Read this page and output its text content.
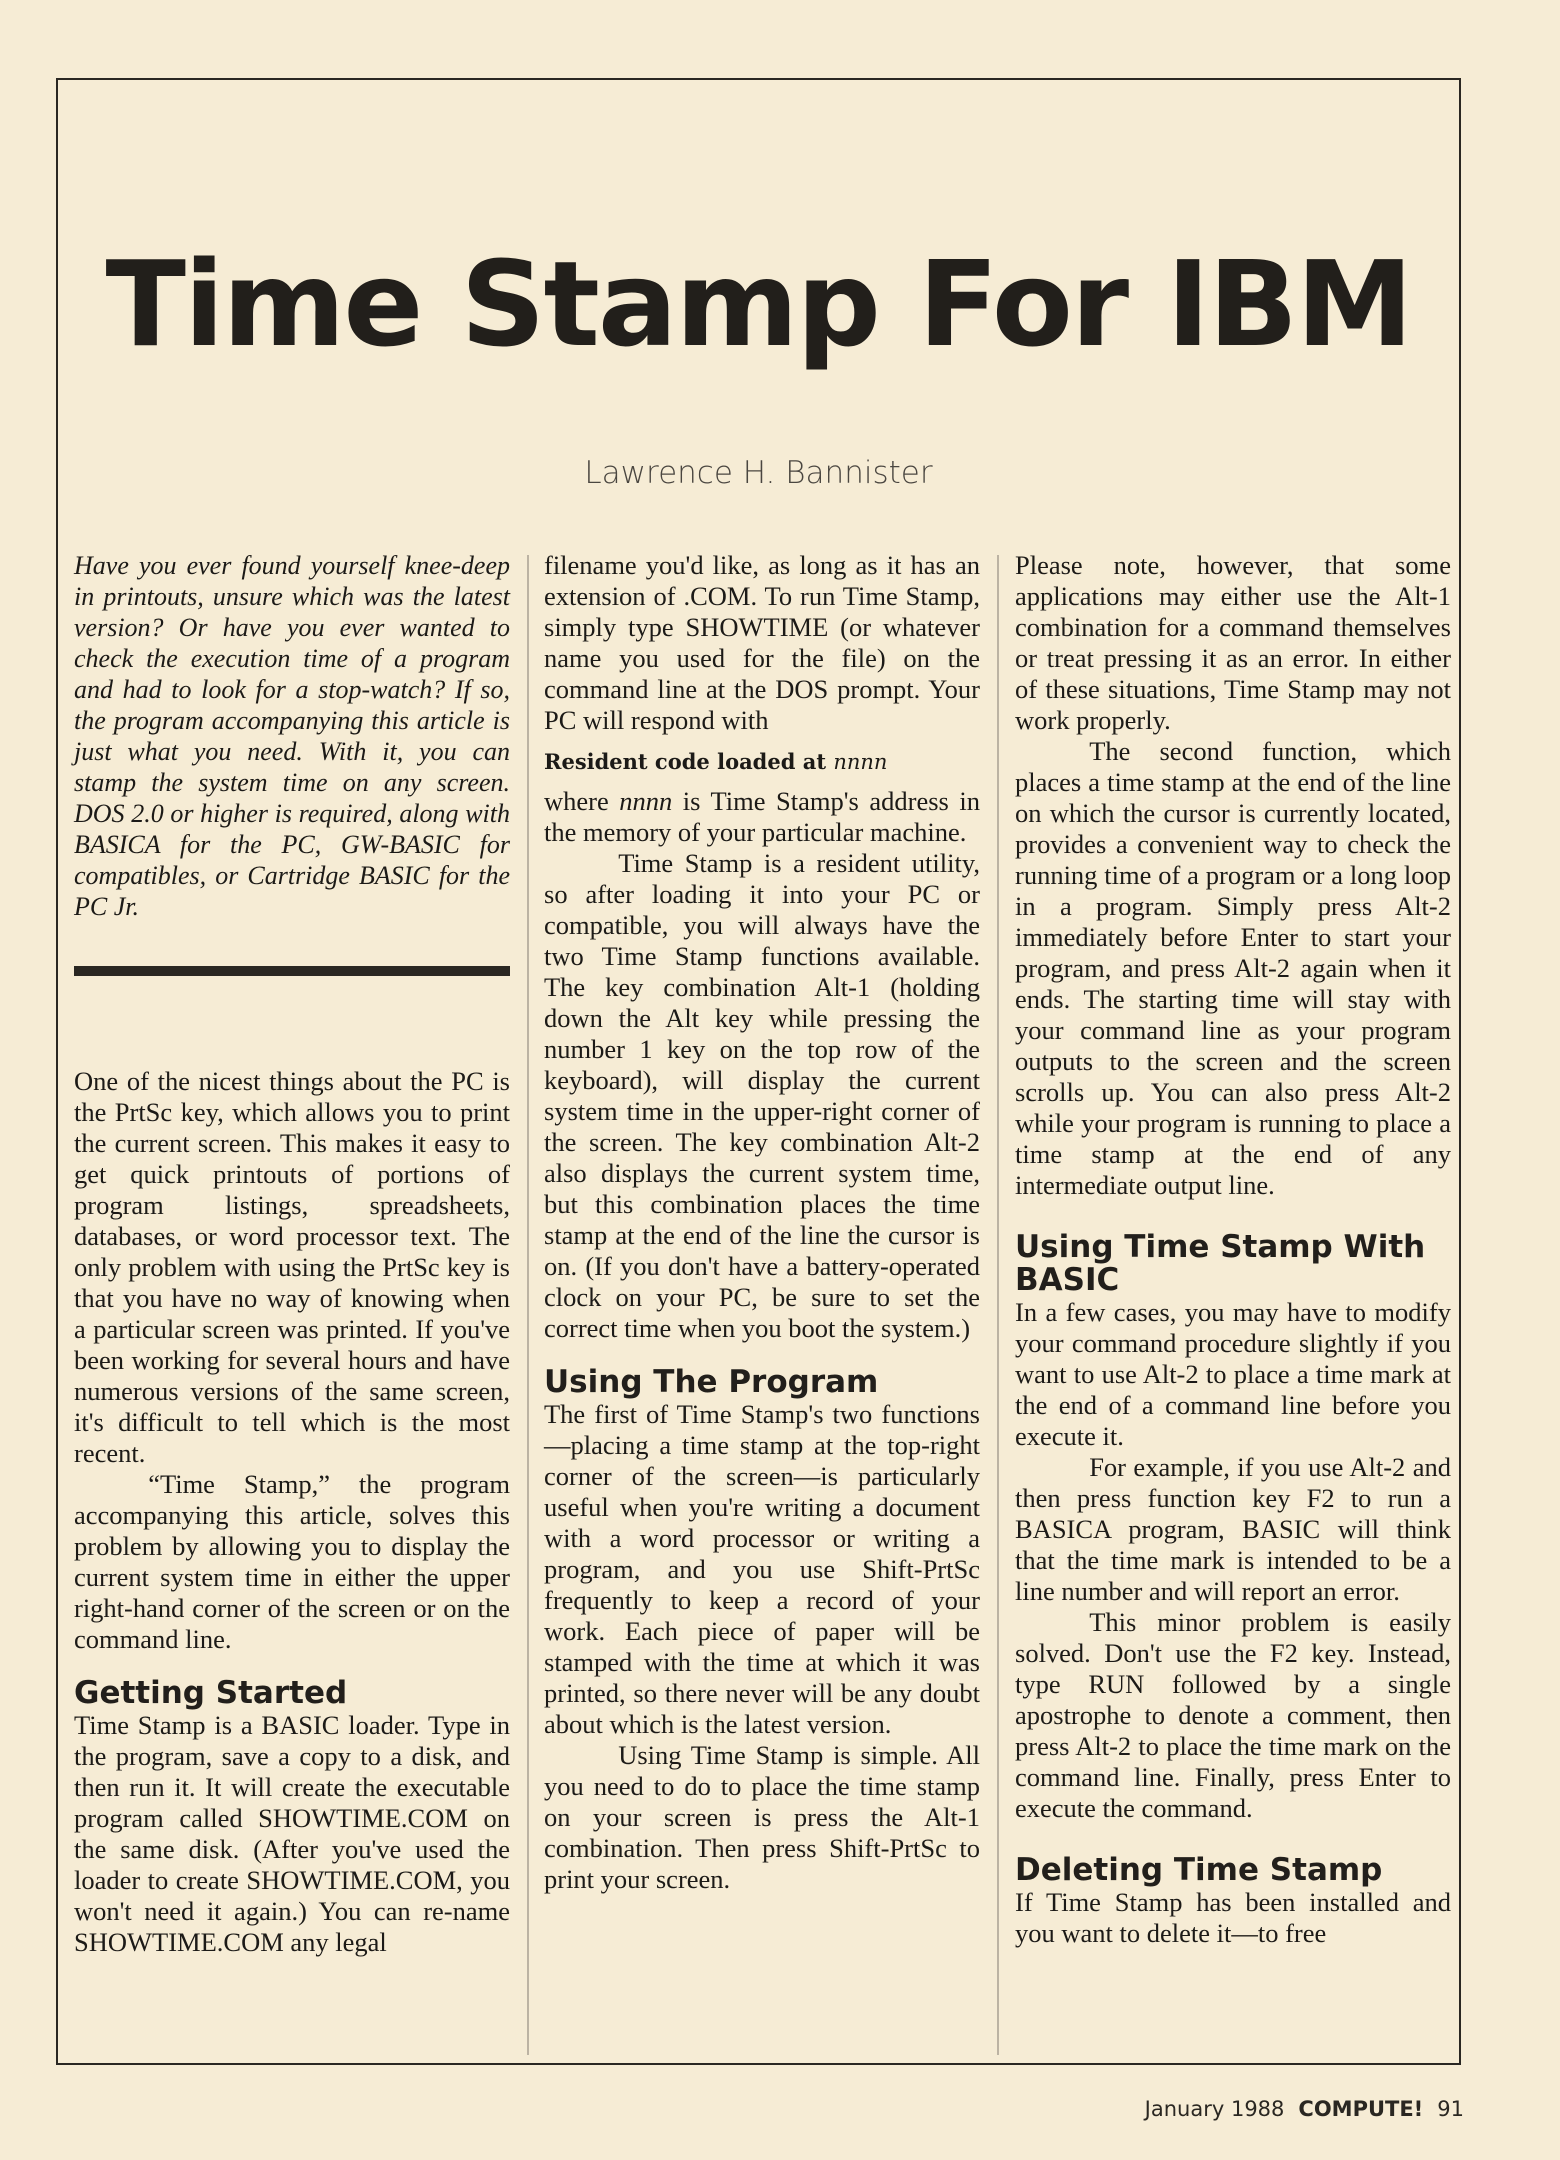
Time Stamp For IBM
Lawrence H. Bannister

Have you ever found yourself knee-deep in printouts, unsure which was the latest version? Or have you ever wanted to check the execution time of a program and had to look for a stop-watch? If so, the program accompanying this article is just what you need. With it, you can stamp the system time on any screen. DOS 2.0 or higher is required, along with BASICA for the PC, GW-BASIC for compatibles, or Cartridge BASIC for the PC Jr.

One of the nicest things about the PC is the PrtSc key, which allows you to print the current screen. This makes it easy to get quick printouts of portions of program listings, spreadsheets, databases, or word processor text. The only problem with using the PrtSc key is that you have no way of knowing when a particular screen was printed. If you've been working for several hours and have numerous versions of the same screen, it's difficult to tell which is the most recent.

“Time Stamp,” the program accompanying this article, solves this problem by allowing you to display the current system time in either the upper right-hand corner of the screen or on the command line.

Getting Started

Time Stamp is a BASIC loader. Type in the program, save a copy to a disk, and then run it. It will create the executable program called SHOWTIME.COM on the same disk. (After you've used the loader to create SHOWTIME.COM, you won't need it again.) You can re-name SHOWTIME.COM any legal

filename you'd like, as long as it has an extension of .COM. To run Time Stamp, simply type SHOWTIME (or whatever name you used for the file) on the command line at the DOS prompt. Your PC will respond with

Resident code loaded at nnnn

where nnnn is Time Stamp's address in the memory of your particular machine.

Time Stamp is a resident utility, so after loading it into your PC or compatible, you will always have the two Time Stamp functions available. The key combination Alt-1 (holding down the Alt key while pressing the number 1 key on the top row of the keyboard), will display the current system time in the upper-right corner of the screen. The key combination Alt-2 also displays the current system time, but this combination places the time stamp at the end of the line the cursor is on. (If you don't have a battery-operated clock on your PC, be sure to set the correct time when you boot the system.)

Using The Program

The first of Time Stamp's two functions—placing a time stamp at the top-right corner of the screen—is particularly useful when you're writing a document with a word processor or writing a program, and you use Shift-PrtSc frequently to keep a record of your work. Each piece of paper will be stamped with the time at which it was printed, so there never will be any doubt about which is the latest version.

Using Time Stamp is simple. All you need to do to place the time stamp on your screen is press the Alt-1 combination. Then press Shift-PrtSc to print your screen.

Please note, however, that some applications may either use the Alt-1 combination for a command themselves or treat pressing it as an error. In either of these situations, Time Stamp may not work properly.

The second function, which places a time stamp at the end of the line on which the cursor is currently located, provides a convenient way to check the running time of a program or a long loop in a program. Simply press Alt-2 immediately before Enter to start your program, and press Alt-2 again when it ends. The starting time will stay with your command line as your program outputs to the screen and the screen scrolls up. You can also press Alt-2 while your program is running to place a time stamp at the end of any intermediate output line.

Using Time Stamp With BASIC

In a few cases, you may have to modify your command procedure slightly if you want to use Alt-2 to place a time mark at the end of a command line before you execute it.

For example, if you use Alt-2 and then press function key F2 to run a BASICA program, BASIC will think that the time mark is intended to be a line number and will report an error.

This minor problem is easily solved. Don't use the F2 key. Instead, type RUN followed by a single apostrophe to denote a comment, then press Alt-2 to place the time mark on the command line. Finally, press Enter to execute the command.

Deleting Time Stamp

If Time Stamp has been installed and you want to delete it—to free

January 1988 COMPUTE! 91
